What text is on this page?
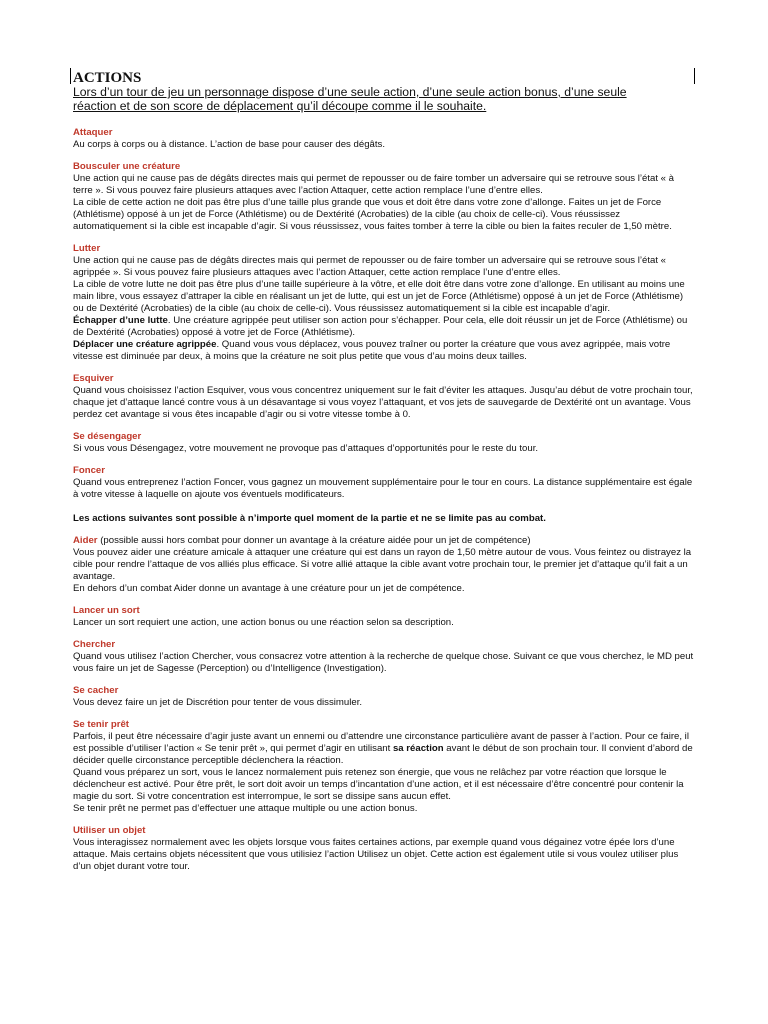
ACTIONS

Lors d’un tour de jeu un personnage dispose d’une seule action, d’une seule action bonus, d’une seule réaction et de son score de déplacement qu’il découpe comme il le souhaite.

Attaquer
Au corps à corps ou à distance. L’action de base pour causer des dégâts.
Bousculer une créature
Une action qui ne cause pas de dégâts directes mais qui permet de repousser ou de faire tomber un adversaire qui se retrouve sous l’état « à terre ». Si vous pouvez faire plusieurs attaques avec l’action Attaquer, cette action remplace l’une d’entre elles.
La cible de cette action ne doit pas être plus d’une taille plus grande que vous et doit être dans votre zone d’allonge. Faites un jet de Force (Athlétisme) opposé à un jet de Force (Athlétisme) ou de Dextérité (Acrobaties) de la cible (au choix de celle-ci). Vous réussissez automatiquement si la cible est incapable d’agir. Si vous réussissez, vous faites tomber à terre la cible ou bien la faites reculer de 1,50 mètre.
Lutter
Une action qui ne cause pas de dégâts directes mais qui permet de repousser ou de faire tomber un adversaire qui se retrouve sous l’état « agrippée ». Si vous pouvez faire plusieurs attaques avec l’action Attaquer, cette action remplace l’une d’entre elles.
La cible de votre lutte ne doit pas être plus d’une taille supérieure à la vôtre, et elle doit être dans votre zone d’allonge. En utilisant au moins une main libre, vous essayez d’attraper la cible en réalisant un jet de lutte, qui est un jet de Force (Athlétisme) opposé à un jet de Force (Athlétisme) ou de Dextérité (Acrobaties) de la cible (au choix de celle-ci). Vous réussissez automatiquement si la cible est incapable d’agir.
Échapper d’une lutte. Une créature agrippée peut utiliser son action pour s’échapper. Pour cela, elle doit réussir un jet de Force (Athlétisme) ou de Dextérité (Acrobaties) opposé à votre jet de Force (Athlétisme).
Déplacer une créature agrippée. Quand vous vous déplacez, vous pouvez traîner ou porter la créature que vous avez agrippée, mais votre vitesse est diminuée par deux, à moins que la créature ne soit plus petite que vous d’au moins deux tailles.
Esquiver
Quand vous choisissez l’action Esquiver, vous vous concentrez uniquement sur le fait d’éviter les attaques. Jusqu’au début de votre prochain tour, chaque jet d’attaque lancé contre vous à un désavantage si vous voyez l’attaquant, et vos jets de sauvegarde de Dextérité ont un avantage. Vous perdez cet avantage si vous êtes incapable d’agir ou si votre vitesse tombe à 0.
Se désengager
Si vous vous Désengagez, votre mouvement ne provoque pas d’attaques d’opportunités pour le reste du tour.
Foncer
Quand vous entreprenez l’action Foncer, vous gagnez un mouvement supplémentaire pour le tour en cours. La distance supplémentaire est égale à votre vitesse à laquelle on ajoute vos éventuels modificateurs.
Les actions suivantes sont possible à n’importe quel moment de la partie et ne se limite pas au combat.
Aider (possible aussi hors combat pour donner un avantage à la créature aidée pour un jet de compétence)
Vous pouvez aider une créature amicale à attaquer une créature qui est dans un rayon de 1,50 mètre autour de vous. Vous feintez ou distrayez la cible pour rendre l’attaque de vos alliés plus efficace. Si votre allié attaque la cible avant votre prochain tour, le premier jet d’attaque qu’il fait a un avantage.
En dehors d’un combat Aider donne un avantage à une créature pour un jet de compétence.
Lancer un sort
Lancer un sort requiert une action, une action bonus ou une réaction selon sa description.
Chercher
Quand vous utilisez l’action Chercher, vous consacrez votre attention à la recherche de quelque chose. Suivant ce que vous cherchez, le MD peut vous faire un jet de Sagesse (Perception) ou d’Intelligence (Investigation).
Se cacher
Vous devez faire un jet de Discrétion pour tenter de vous dissimuler.
Se tenir prêt
Parfois, il peut être nécessaire d’agir juste avant un ennemi ou d’attendre une circonstance particulière avant de passer à l’action. Pour ce faire, il est possible d’utiliser l’action « Se tenir prêt », qui permet d’agir en utilisant sa réaction avant le début de son prochain tour. Il convient d’abord de décider quelle circonstance perceptible déclenchera la réaction.
Quand vous préparez un sort, vous le lancez normalement puis retenez son énergie, que vous ne relâchez par votre réaction que lorsque le déclencheur est activé. Pour être prêt, le sort doit avoir un temps d’incantation d’une action, et il est nécessaire d’être concentré pour contenir la magie du sort. Si votre concentration est interrompue, le sort se dissipe sans aucun effet.
Se tenir prêt ne permet pas d’effectuer une attaque multiple ou une action bonus.
Utiliser un objet
Vous interagissez normalement avec les objets lorsque vous faites certaines actions, par exemple quand vous dégainez votre épée lors d’une attaque. Mais certains objets nécessitent que vous utilisiez l’action Utilisez un objet. Cette action est également utile si vous voulez utiliser plus d’un objet durant votre tour.
